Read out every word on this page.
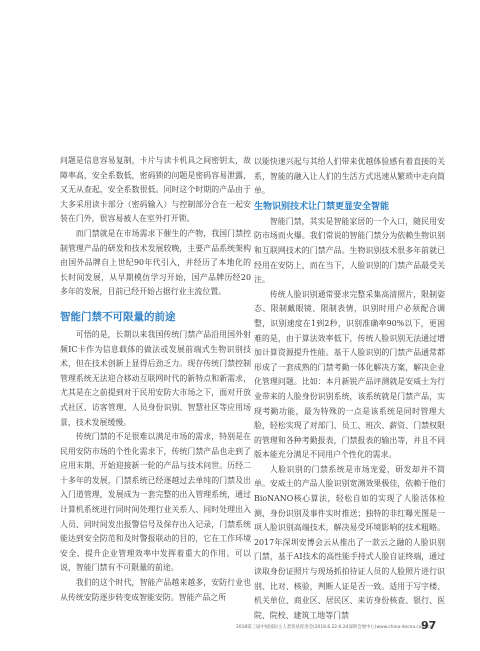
问题是信息容易复制，卡片与读卡机具之间密钥太，故障率高，安全系数低，密码锁的问题是密码容易泄露，又无从查起，安全系数很低。同时这个时期的产品由于大多采用读卡部分（密码输入）与控制部分合在一起安装在门外，很容易被人在室外打开锁。

而门禁就是在市场需求下催生的产物，我国门禁控制管理产品的研发和技术发展较晚，主要产品系统架构由国外品牌自上世纪90年代引入，并经历了本地化的长时间发展，从早期模仿学习开始，国产品牌历经20多年的发展，目前已经开始占据行业主流位置。

智能门禁不可限量的前途

可悟的是，长期以来我国传统门禁产品沿用国外射频IC卡作为信息载体的做法或发展前端式生物识别技术，但在技术创新上显得后劲乏力。现存传统门禁控制管理系统无法迎合移动互联网时代的新特点和新需求，尤其是在之前提到对于民用安防大市场之下，面对开放式社区、访客管理、人员身份识别、智慧社区等应用场景，技术发展缓慢。

传统门禁的不足很难以满足市场的需求，特别是在民用安防市场的个性化需求下，传统门禁产品也走到了应用末期，开始迎接新一轮的产品与技术问世。历经二十多年的发展，门禁系统已经逐越过去单纯的门禁及出入门道管理，发展成为一套完整的出入管理系统，通过计算机系统进行同时间处理行业关系人、同时处理出入人员、同时间发出报警信号及保存出入记录，门禁系统能达到安全防范和及时警报联动的目的，它在工作环境安全、提升企业管理效率中发挥着重大的作用。可以说，智能门禁有不可限量的前途。

我们的这个时代，智能产品越来越多，安防行业也从传统安防逐步转变成智能安防。智能产品之所

以能快速兴起与其给人们带来优越体验感有着直接的关系，智能的融入让人们的生活方式迅速从繁琐中走向简单。

生物识别技术让门禁更显安全智能

智能门禁，其实是智能家居的一个入口，随民用安防市场而火爆。我们常说的智能门禁分为依赖生物识别和互联网技术的门禁产品。生物识别技术很多年前就已经用在安防上，而在当下，人脸识别的门禁产品最受关注。

传统人脸识别通常要求完整采集高清照片，限制姿态、限制戴眼镜、限制表情，识别时用户必须配合调整，识别速度在1到2秒，识别准确率90%以下，更困难的是，由于算法效率低下，传统人脸识别无法通过增加计算资源提升性能。基于人脸识别的门禁产品通常都形成了一套成熟的门禁考勤一体化解决方案，解决企业化管理问题。比如：本月新锐产品评测就是安威士为行业带来的人脸身份识别系统，该系统就是门禁产品，实现考勤功能，最为特殊的一点是该系统是同时管理大脸，轻松实现了对部门、员工、班次、薪资、门禁权限的管理和各种考勤报表，门禁报表的输出等，并且不同版本能充分满足不同用户个性化的需求。

人脸识别的门禁系统是市场宠爱，研发却并不简单。安威士的产品人脸识别宽测效果极佳，依赖于他们BioNANO核心算法，轻松自如的实现了人脸活体检测，身份识别及事件实时推送；独特的非红曝光图是一项人脸识别高端技术，解决易受环境影响的技术粗略。2017年深圳安博会云从推出了一款云之融的人脸识别门禁，基于AI技术的高性能手持式人脸自证终端，通过读取身份证照片与现场抓拍待证人员的人脸照片进行识别、比对、核验，判断人证是否一致。适用于写字楼、机关单位、商业区、居民区、来访身份核查、银行、医院、院校、建筑工地等门禁

2018第三届中国国际主人类贸易促进会(2018.6.22-6.24深圳会展中心)www.china-docea.com.cn
97
